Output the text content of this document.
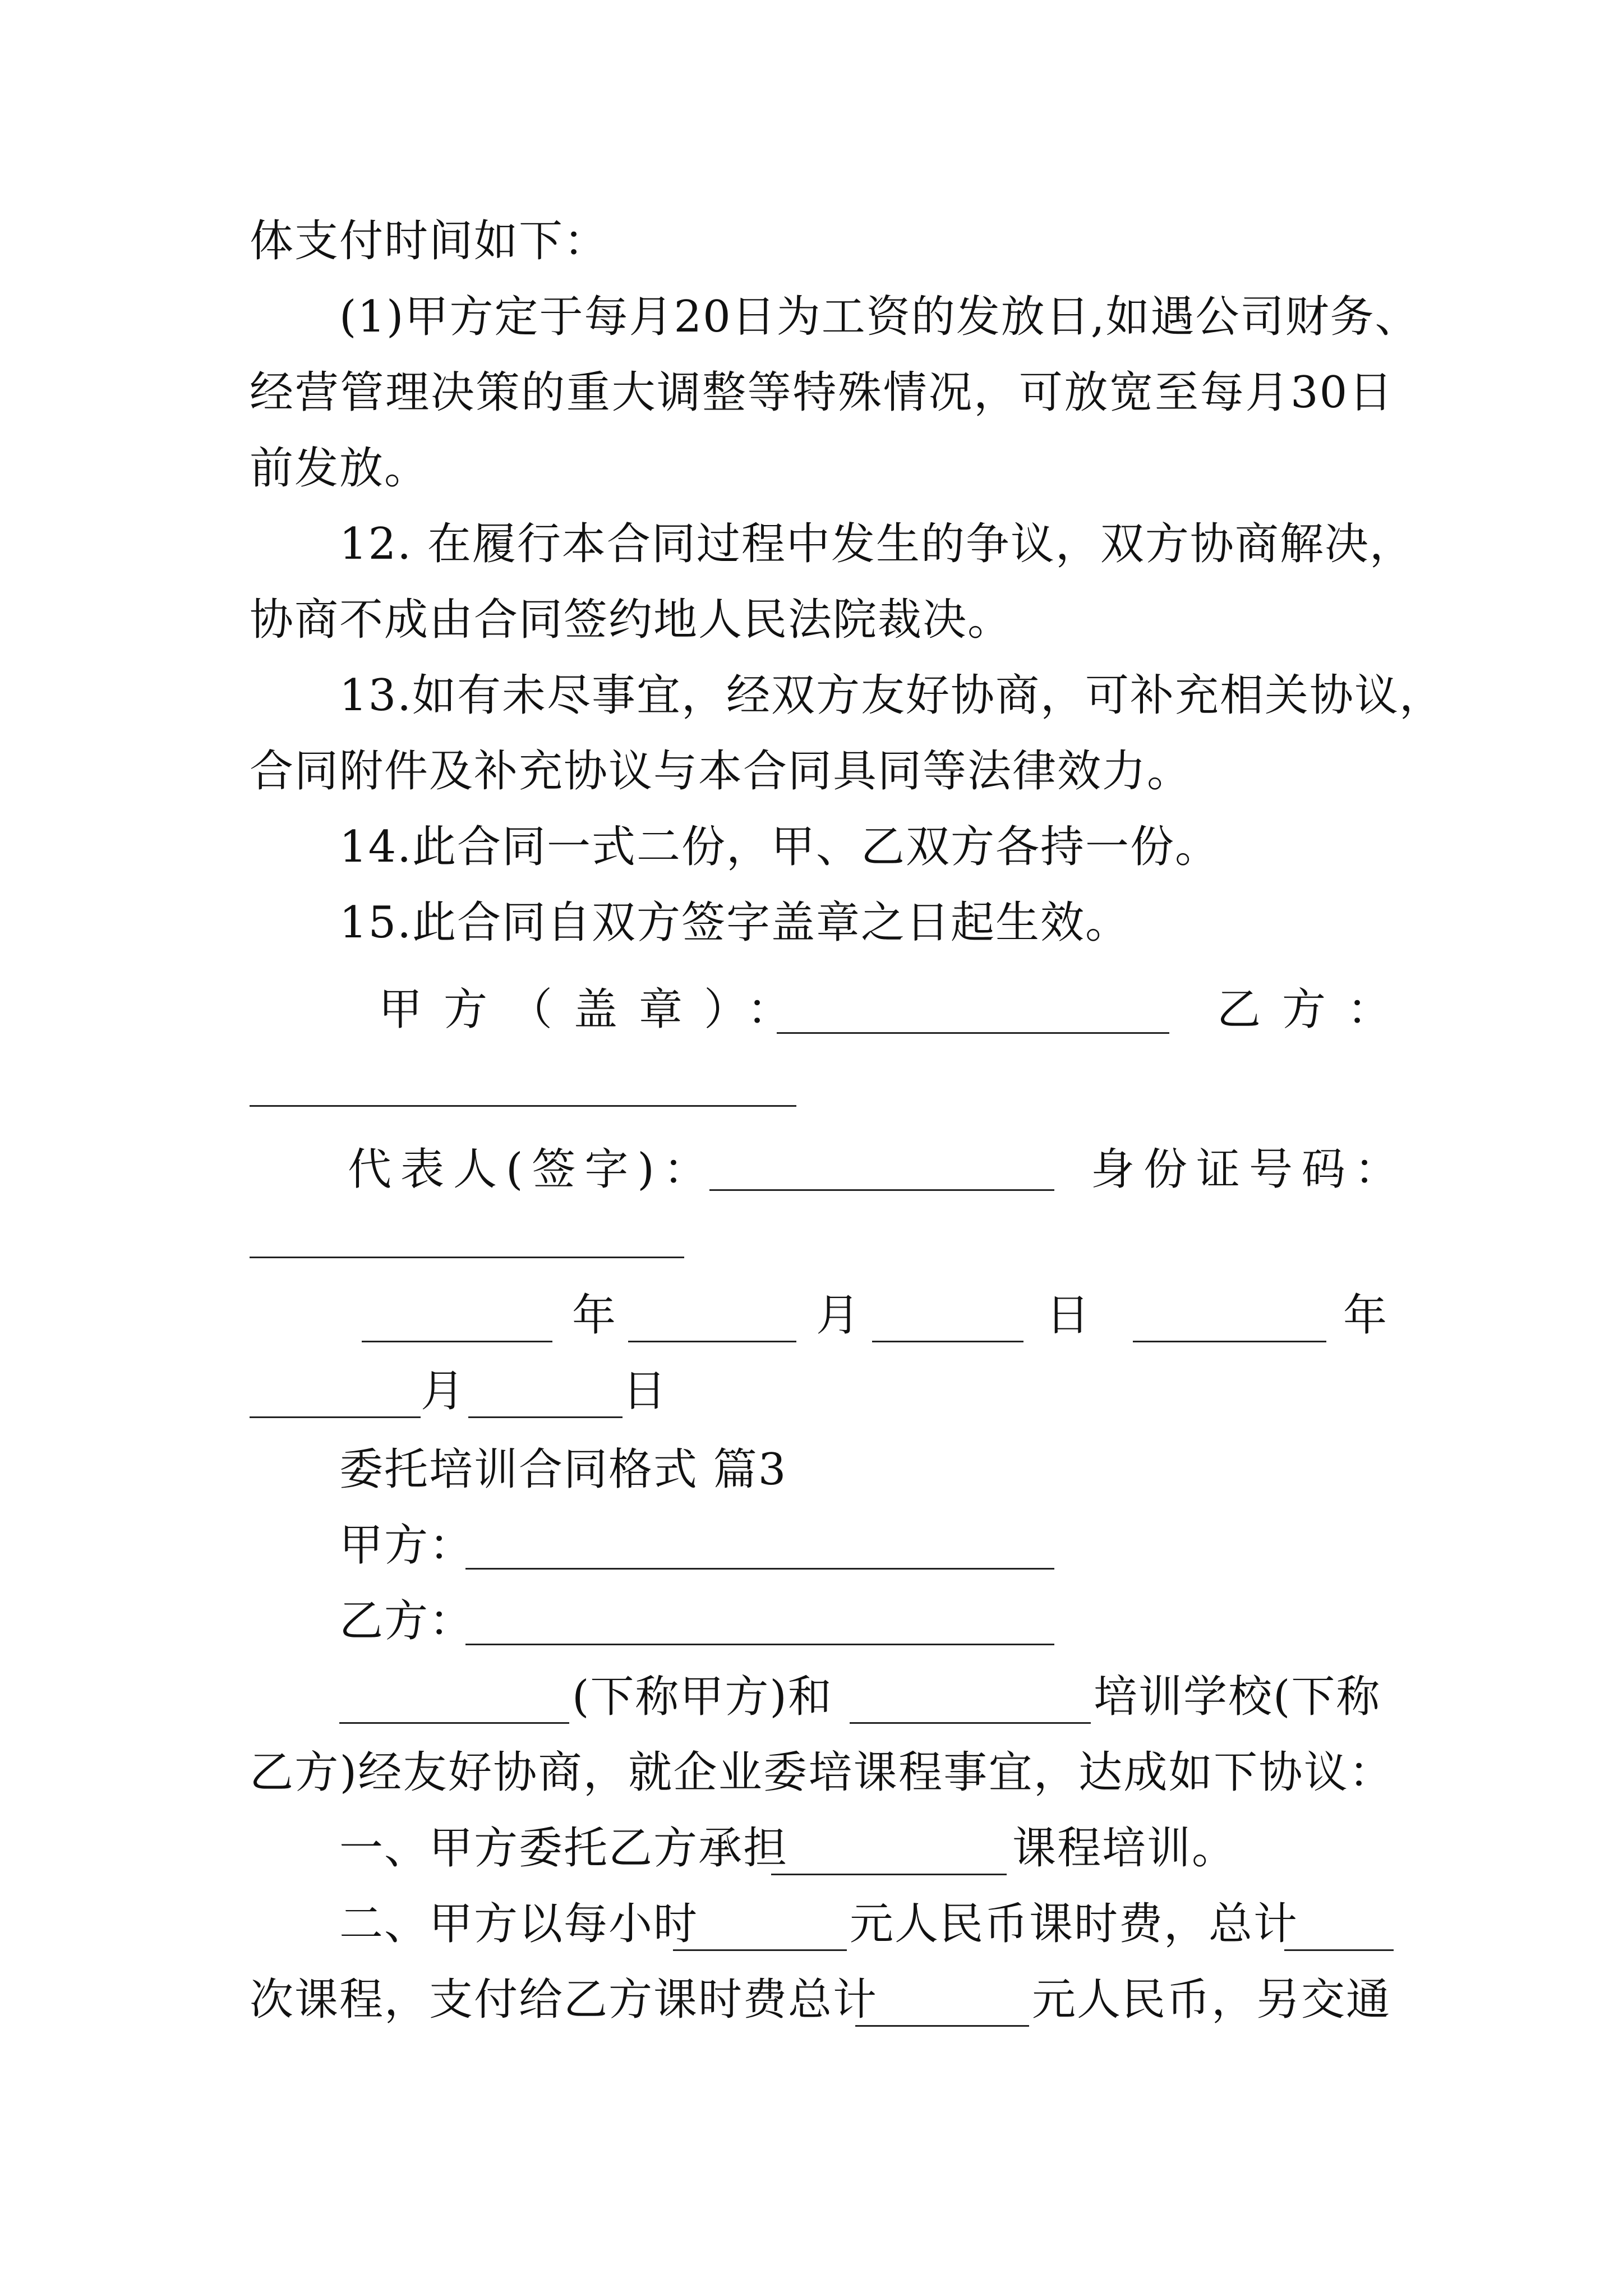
体支付时间如下：
(1)甲方定于每月20日为工资的发放日,如遇公司财务、
经营管理决策的重大调整等特殊情况，可放宽至每月30日
前发放。
12. 在履行本合同过程中发生的争议，双方协商解决，
协商不成由合同签约地人民法院裁决。
13.如有未尽事宜，经双方友好协商，可补充相关协议，
合同附件及补充协议与本合同具同等法律效力。
14.此合同一式二份，甲、乙双方各持一份。
15.此合同自双方签字盖章之日起生效。
甲方（盖章）：	乙方：
代表人(签字)：	身份证号码：
年	月	日	年
月	日
委托培训合同格式 篇3
甲方：
乙方：
(下称甲方)和	培训学校(下称
乙方)经友好协商，就企业委培课程事宜，达成如下协议：
一、甲方委托乙方承担	课程培训。
二、甲方以每小时	元人民币课时费，总计
次课程，支付给乙方课时费总计	元人民币，另交通
